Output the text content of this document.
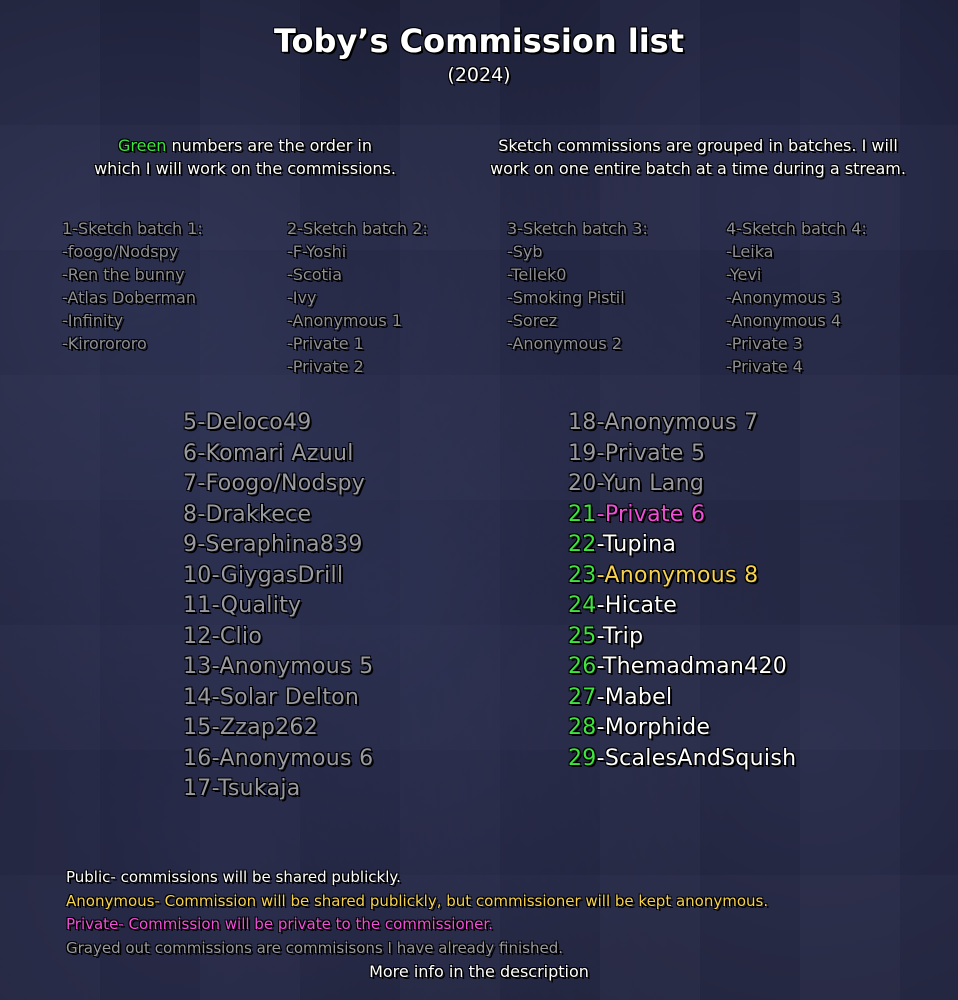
Toby’s Commission list
(2024)
Green numbers are the order in
which I will work on the commissions.
Sketch commissions are grouped in batches. I will
work on one entire batch at a time during a stream.
1-Sketch batch 1:
-foogo/Nodspy
-Ren the bunny
-Atlas Doberman
-Infinity
-Kirorororo
2-Sketch batch 2:
-F-Yoshi
-Scotia
-Ivy
-Anonymous 1
-Private 1
-Private 2
3-Sketch batch 3:
-Syb
-Tellek0
-Smoking Pistil
-Sorez
-Anonymous 2
4-Sketch batch 4:
-Leika
-Yevi
-Anonymous 3
-Anonymous 4
-Private 3
-Private 4
5-Deloco49
6-Komari Azuul
7-Foogo/Nodspy
8-Drakkece
9-Seraphina839
10-GiygasDrill
11-Quality
12-Clio
13-Anonymous 5
14-Solar Delton
15-Zzap262
16-Anonymous 6
17-Tsukaja
18-Anonymous 7
19-Private 5
20-Yun Lang
21-Private 6
22-Tupina
23-Anonymous 8
24-Hicate
25-Trip
26-Themadman420
27-Mabel
28-Morphide
29-ScalesAndSquish
Public- commissions will be shared publickly.
Anonymous- Commission will be shared publickly, but commissioner will be kept anonymous.
Private- Commission will be private to the commissioner.
Grayed out commissions are commisisons I have already finished.
More info in the description
